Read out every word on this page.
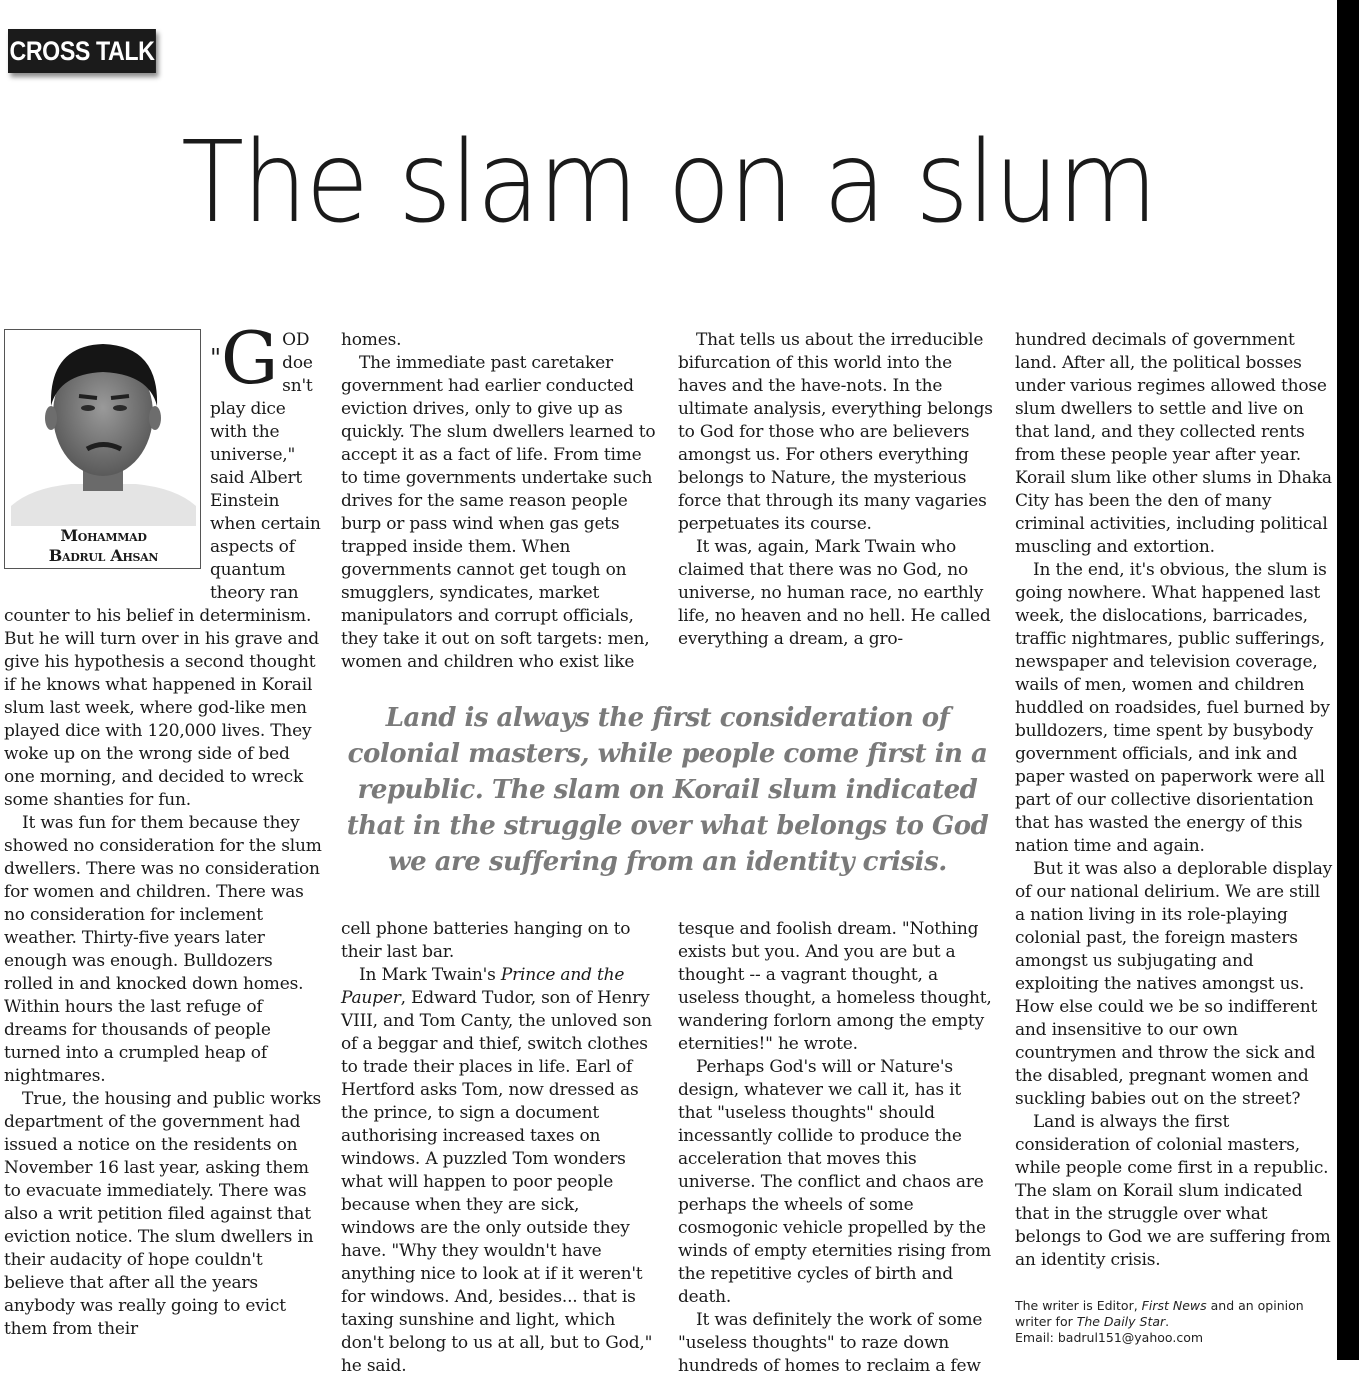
CROSS TALK
The slam on a slum
Mohammad
Badrul Ahsan

"G OD doe sn't play dice with the universe," said Albert Einstein when certain aspects of quantum theory ran counter to his belief in determinism. But he will turn over in his grave and give his hypothesis a second thought if he knows what happened in Korail slum last week, where god-like men played dice with 120,000 lives. They woke up on the wrong side of bed one morning, and decided to wreck some shanties for fun.

It was fun for them because they showed no consideration for the slum dwellers. There was no consideration for women and children. There was no consideration for inclement weather. Thirty-five years later enough was enough. Bulldozers rolled in and knocked down homes. Within hours the last refuge of dreams for thousands of people turned into a crumpled heap of nightmares.

True, the housing and public works department of the government had issued a notice on the residents on November 16 last year, asking them to evacuate immediately. There was also a writ petition filed against that eviction notice. The slum dwellers in their audacity of hope couldn't believe that after all the years anybody was really going to evict them from their

homes.

The immediate past caretaker government had earlier conducted eviction drives, only to give up as quickly. The slum dwellers learned to accept it as a fact of life. From time to time governments undertake such drives for the same reason people burp or pass wind when gas gets trapped inside them. When governments cannot get tough on smugglers, syndicates, market manipulators and corrupt officials, they take it out on soft targets: men, women and children who exist like

That tells us about the irreducible bifurcation of this world into the haves and the have-nots. In the ultimate analysis, everything belongs to God for those who are believers amongst us. For others everything belongs to Nature, the mysterious force that through its many vagaries perpetuates its course.

It was, again, Mark Twain who claimed that there was no God, no universe, no human race, no earthly life, no heaven and no hell. He called everything a dream, a gro-

Land is always the first consideration of colonial masters, while people come first in a republic. The slam on Korail slum indicated that in the struggle over what belongs to God we are suffering from an identity crisis.

cell phone batteries hanging on to their last bar.

In Mark Twain's Prince and the Pauper, Edward Tudor, son of Henry VIII, and Tom Canty, the unloved son of a beggar and thief, switch clothes to trade their places in life. Earl of Hertford asks Tom, now dressed as the prince, to sign a document authorising increased taxes on windows. A puzzled Tom wonders what will happen to poor people because when they are sick, windows are the only outside they have. "Why they wouldn't have anything nice to look at if it weren't for windows. And, besides... that is taxing sunshine and light, which don't belong to us at all, but to God," he said.

tesque and foolish dream. "Nothing exists but you. And you are but a thought -- a vagrant thought, a useless thought, a homeless thought, wandering forlorn among the empty eternities!" he wrote.

Perhaps God's will or Nature's design, whatever we call it, has it that "useless thoughts" should incessantly collide to produce the acceleration that moves this universe. The conflict and chaos are perhaps the wheels of some cosmogonic vehicle propelled by the winds of empty eternities rising from the repetitive cycles of birth and death.

It was definitely the work of some "useless thoughts" to raze down hundreds of homes to reclaim a few

hundred decimals of government land. After all, the political bosses under various regimes allowed those slum dwellers to settle and live on that land, and they collected rents from these people year after year. Korail slum like other slums in Dhaka City has been the den of many criminal activities, including political muscling and extortion.

In the end, it's obvious, the slum is going nowhere. What happened last week, the dislocations, barricades, traffic nightmares, public sufferings, newspaper and television coverage, wails of men, women and children huddled on roadsides, fuel burned by bulldozers, time spent by busybody government officials, and ink and paper wasted on paperwork were all part of our collective disorientation that has wasted the energy of this nation time and again.

But it was also a deplorable display of our national delirium. We are still a nation living in its role-playing colonial past, the foreign masters amongst us subjugating and exploiting the natives amongst us. How else could we be so indifferent and insensitive to our own countrymen and throw the sick and the disabled, pregnant women and suckling babies out on the street?

Land is always the first consideration of colonial masters, while people come first in a republic. The slam on Korail slum indicated that in the struggle over what belongs to God we are suffering from an identity crisis.

The writer is Editor, First News and an opinion writer for The Daily Star.
Email: badrul151@yahoo.com
